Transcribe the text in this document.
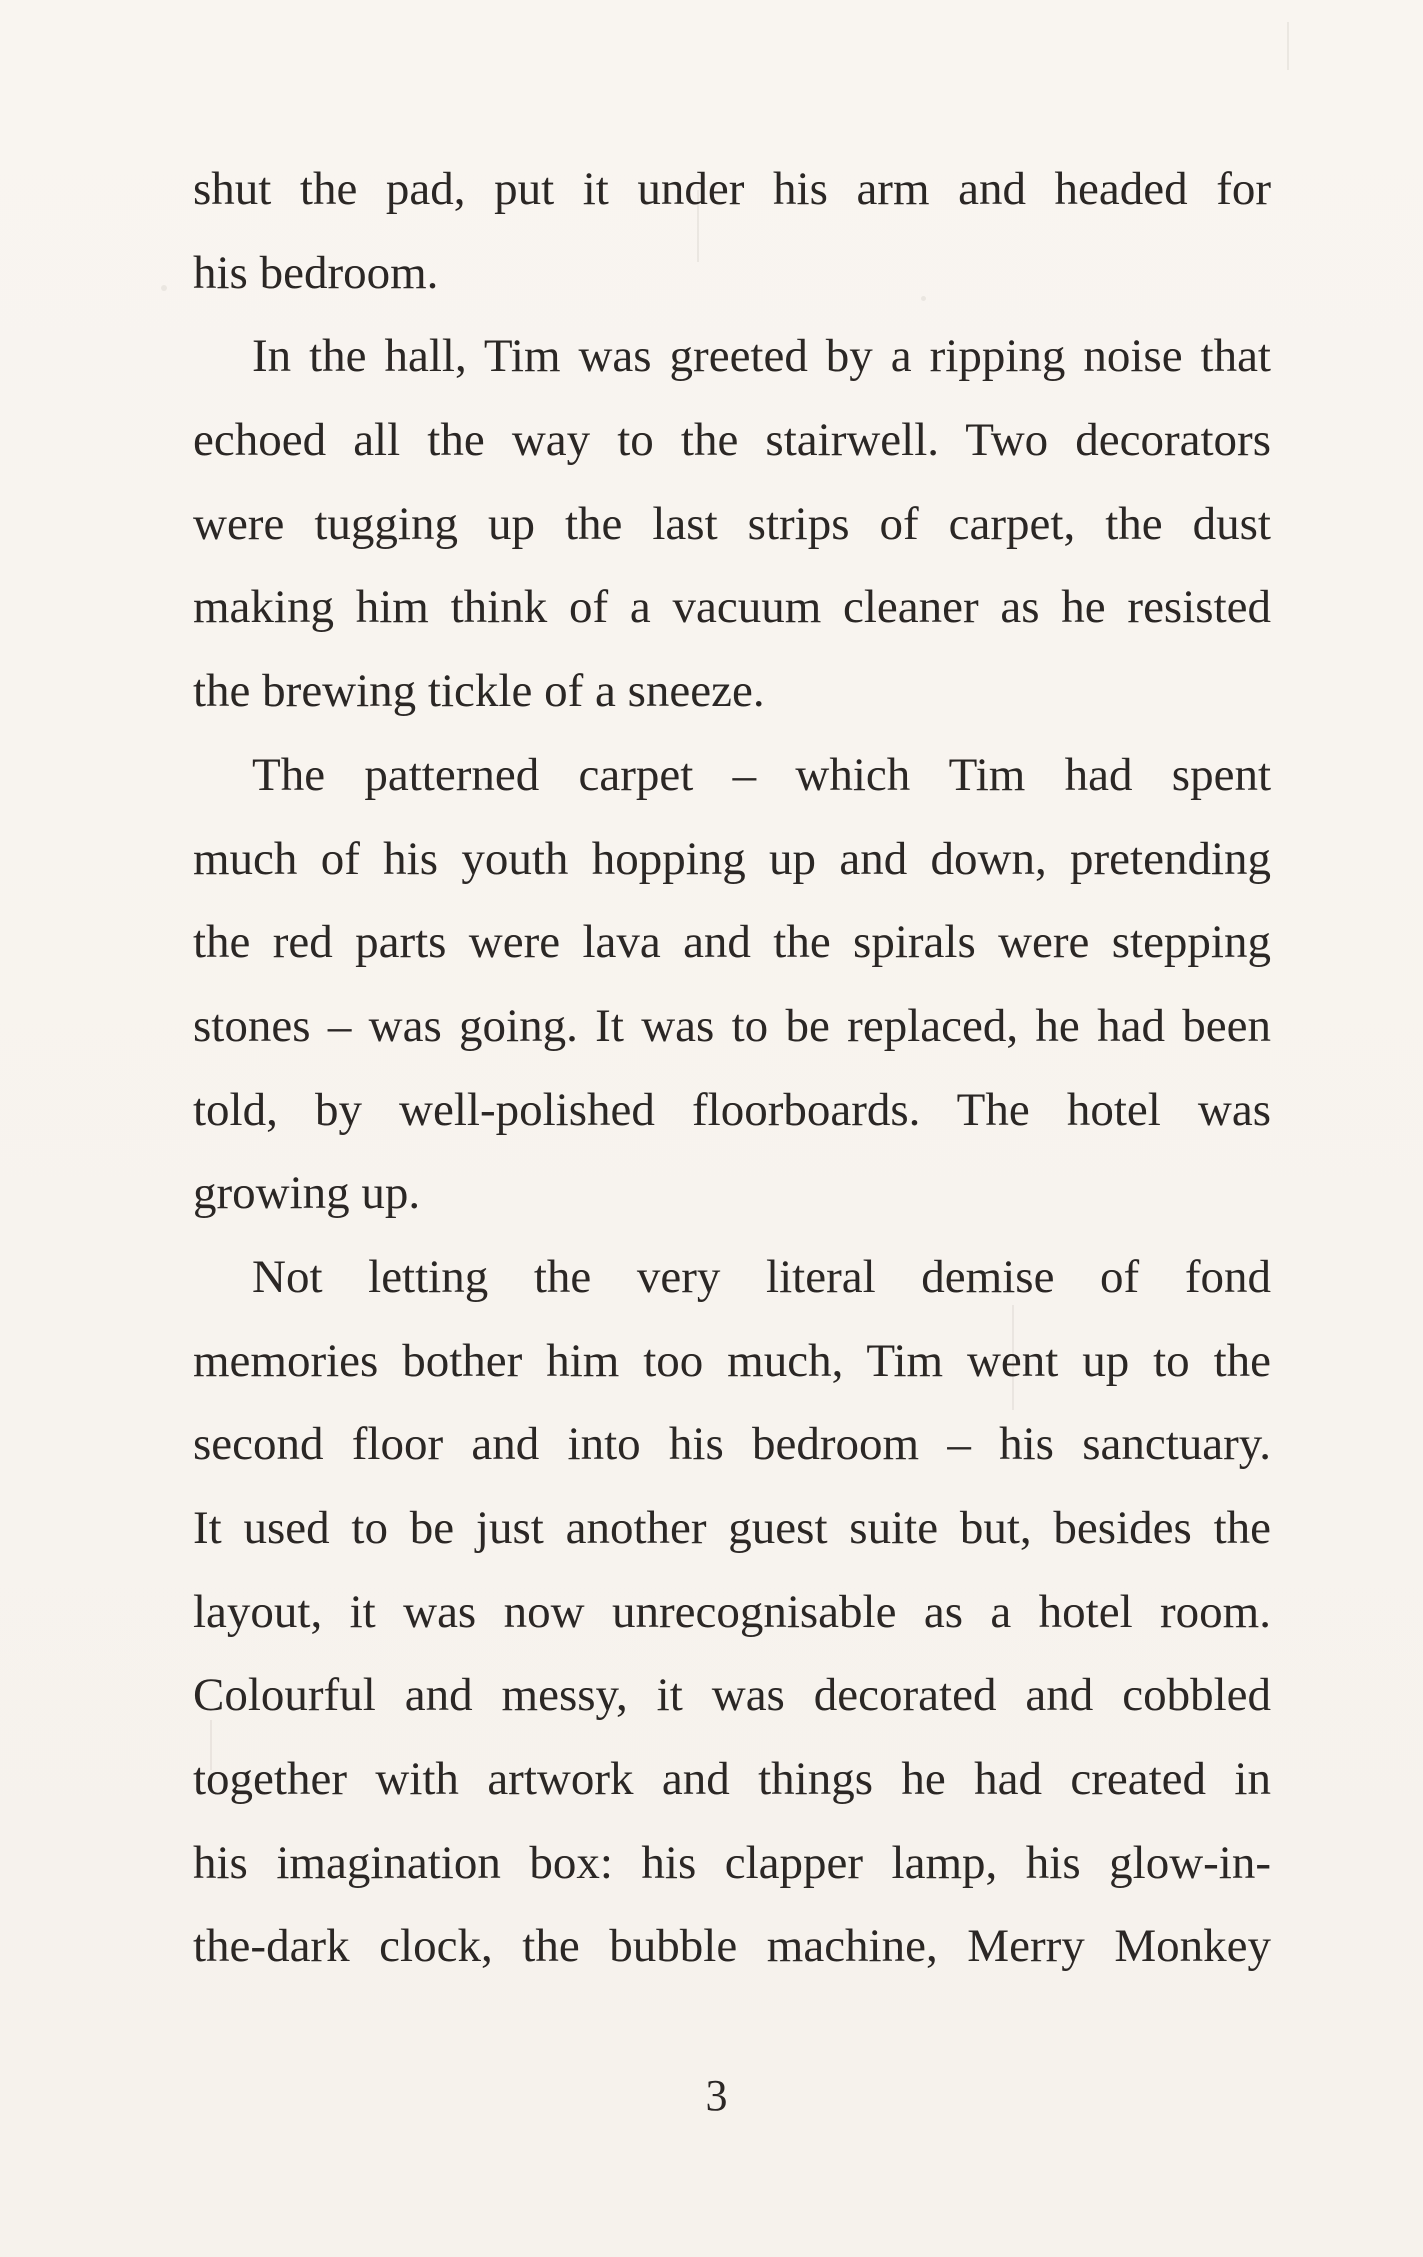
shut the pad, put it under his arm and headed for
his bedroom.
In the hall, Tim was greeted by a ripping noise that
echoed all the way to the stairwell. Two decorators
were tugging up the last strips of carpet, the dust
making him think of a vacuum cleaner as he resisted
the brewing tickle of a sneeze.
The patterned carpet – which Tim had spent
much of his youth hopping up and down, pretending
the red parts were lava and the spirals were stepping
stones – was going. It was to be replaced, he had been
told, by well-polished floorboards. The hotel was
growing up.
Not letting the very literal demise of fond
memories bother him too much, Tim went up to the
second floor and into his bedroom – his sanctuary.
It used to be just another guest suite but, besides the
layout, it was now unrecognisable as a hotel room.
Colourful and messy, it was decorated and cobbled
together with artwork and things he had created in
his imagination box: his clapper lamp, his glow-in-
the-dark clock, the bubble machine, Merry Monkey
3
